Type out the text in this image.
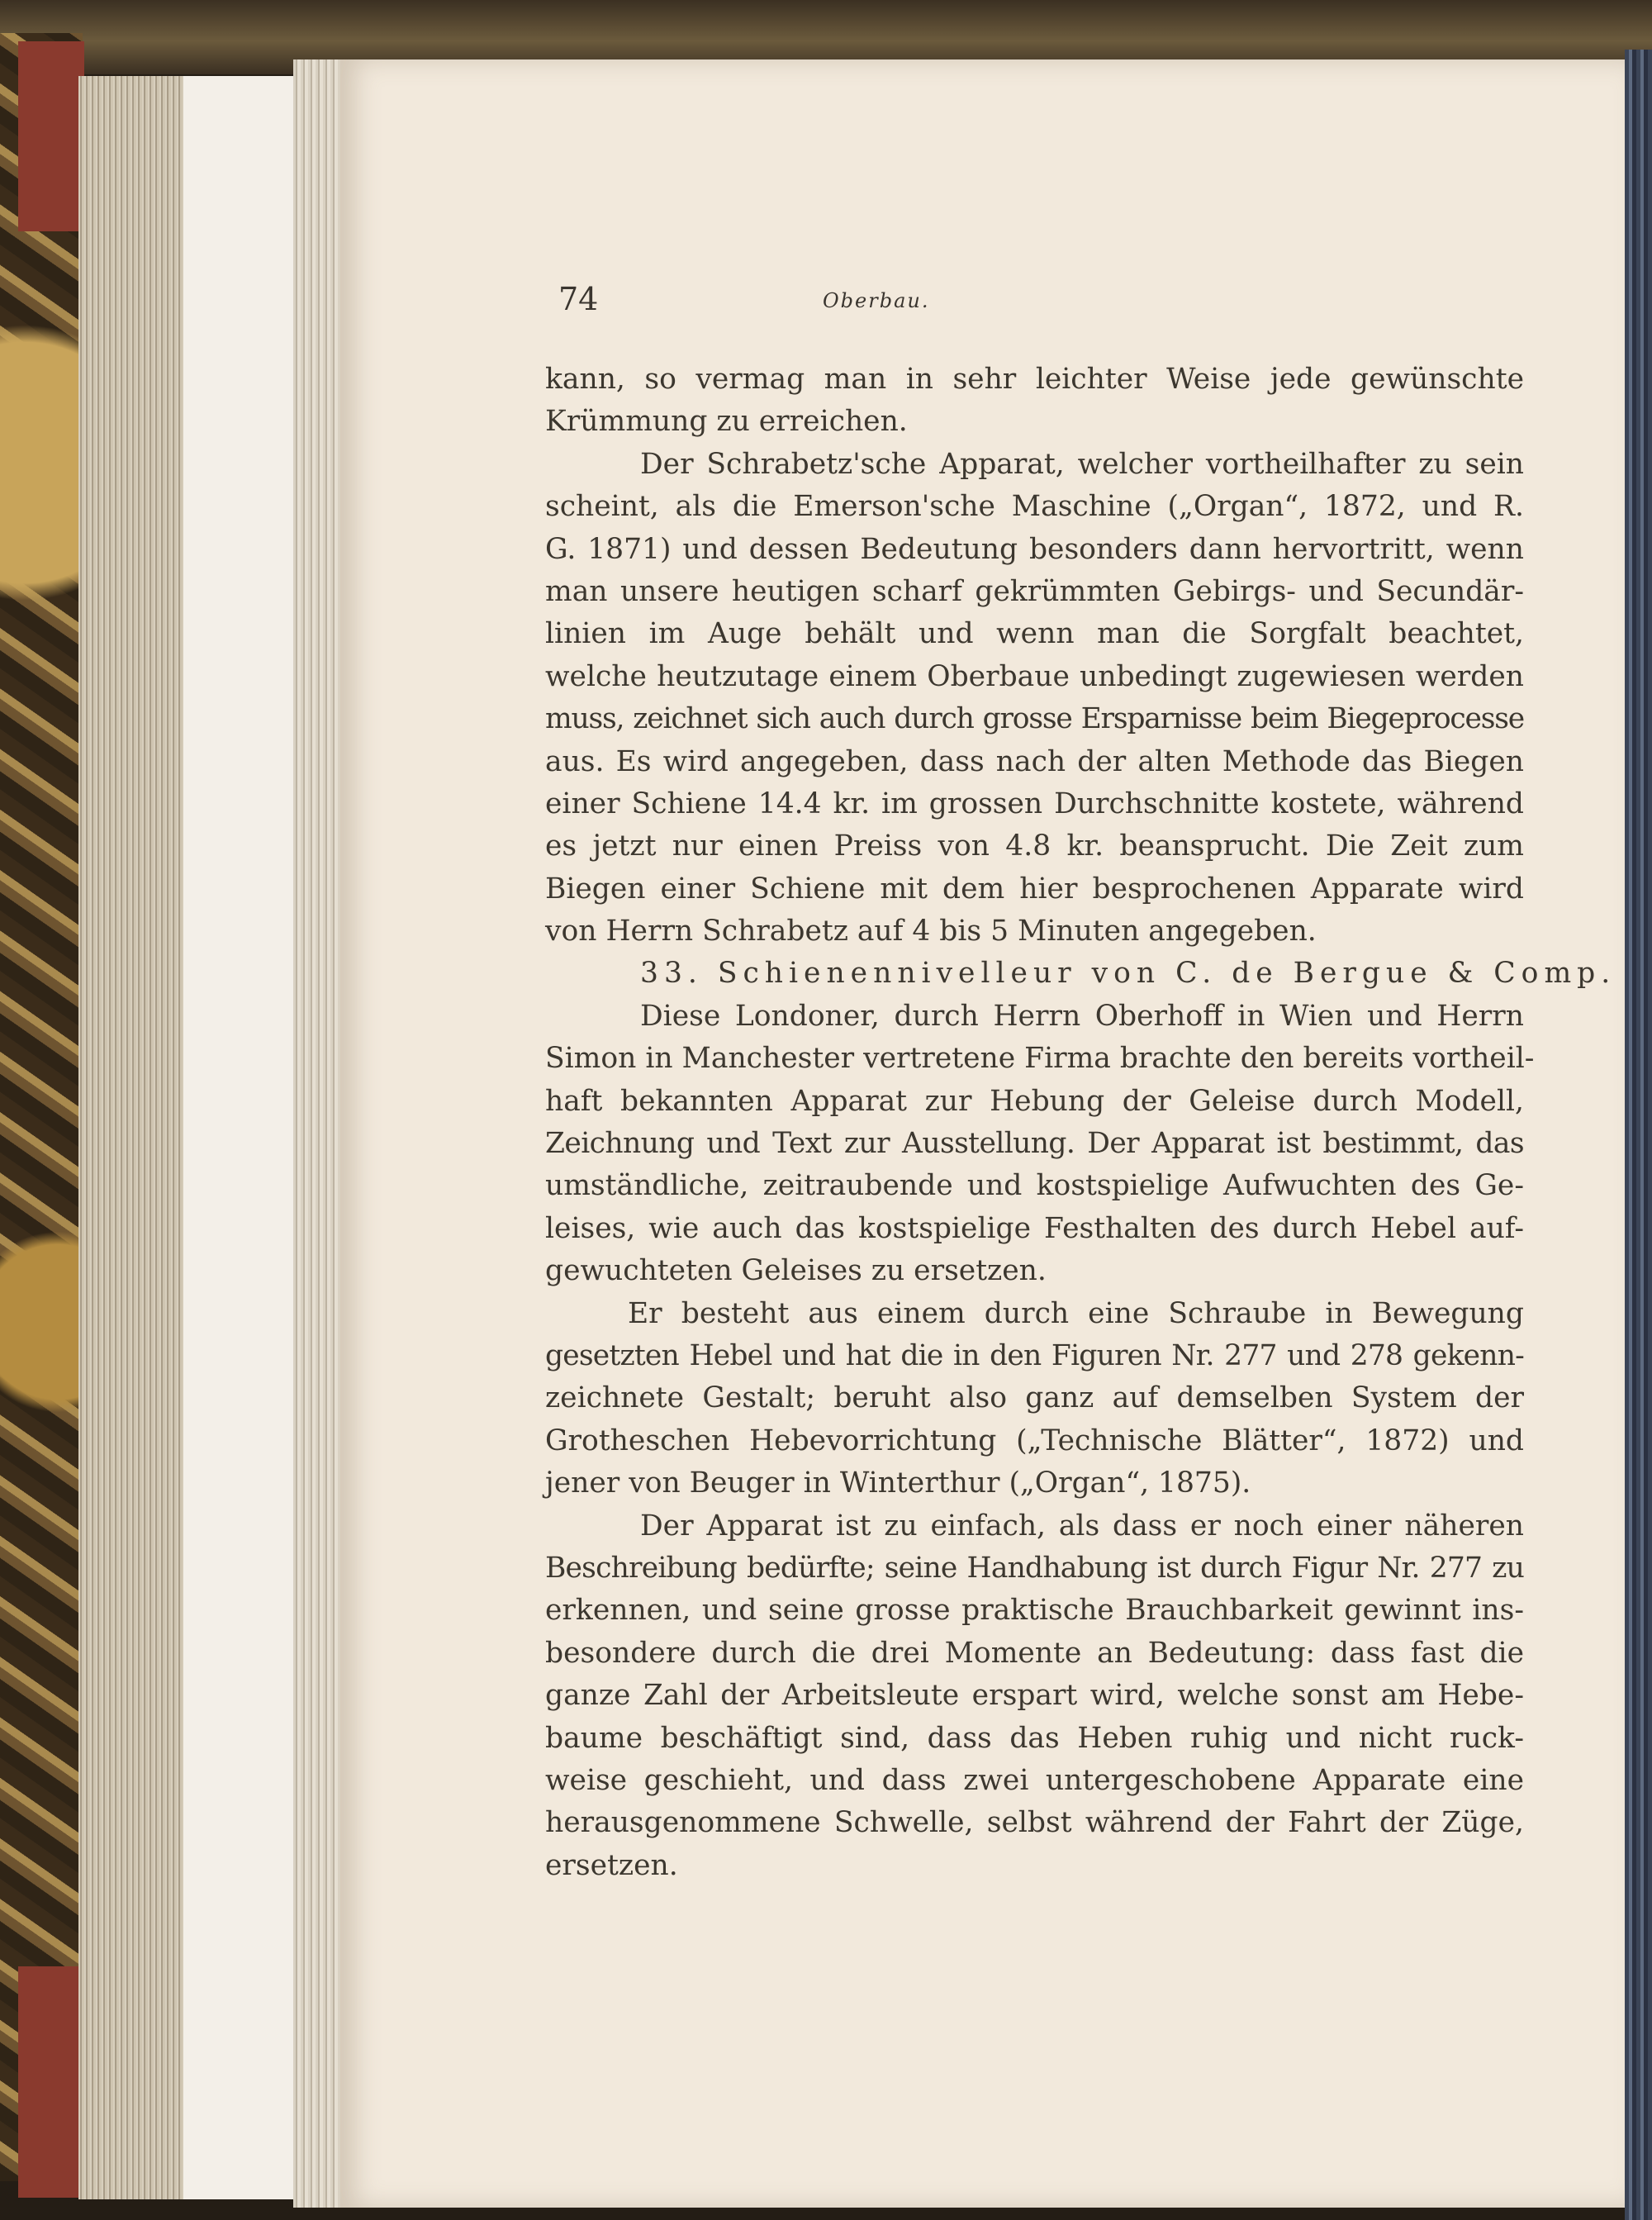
74	Oberbau.
kann, so vermag man in sehr leichter Weise jede gewünschte
Krümmung zu erreichen.
Der Schrabetz'sche Apparat, welcher vortheilhafter zu sein
scheint, als die Emerson'sche Maschine („Organ“, 1872, und R.
G. 1871) und dessen Bedeutung besonders dann hervortritt, wenn
man unsere heutigen scharf gekrümmten Gebirgs- und Secundär-
linien im Auge behält und wenn man die Sorgfalt beachtet,
welche heutzutage einem Oberbaue unbedingt zugewiesen werden
muss, zeichnet sich auch durch grosse Ersparnisse beim Biegeprocesse
aus. Es wird angegeben, dass nach der alten Methode das Biegen
einer Schiene 14.4 kr. im grossen Durchschnitte kostete, während
es jetzt nur einen Preiss von 4.8 kr. beansprucht. Die Zeit zum
Biegen einer Schiene mit dem hier besprochenen Apparate wird
von Herrn Schrabetz auf 4 bis 5 Minuten angegeben.
33. Schienennivelleur von C. de Bergue & Comp.
Diese Londoner, durch Herrn Oberhoff in Wien und Herrn
Simon in Manchester vertretene Firma brachte den bereits vortheil-
haft bekannten Apparat zur Hebung der Geleise durch Modell,
Zeichnung und Text zur Ausstellung. Der Apparat ist bestimmt, das
umständliche, zeitraubende und kostspielige Aufwuchten des Ge-
leises, wie auch das kostspielige Festhalten des durch Hebel auf-
gewuchteten Geleises zu ersetzen.
Er besteht aus einem durch eine Schraube in Bewegung
gesetzten Hebel und hat die in den Figuren Nr. 277 und 278 gekenn-
zeichnete Gestalt; beruht also ganz auf demselben System der
Grotheschen Hebevorrichtung („Technische Blätter“, 1872) und
jener von Beuger in Winterthur („Organ“, 1875).
Der Apparat ist zu einfach, als dass er noch einer näheren
Beschreibung bedürfte; seine Handhabung ist durch Figur Nr. 277 zu
erkennen, und seine grosse praktische Brauchbarkeit gewinnt ins-
besondere durch die drei Momente an Bedeutung: dass fast die
ganze Zahl der Arbeitsleute erspart wird, welche sonst am Hebe-
baume beschäftigt sind, dass das Heben ruhig und nicht ruck-
weise geschieht, und dass zwei untergeschobene Apparate eine
herausgenommene Schwelle, selbst während der Fahrt der Züge,
ersetzen.
